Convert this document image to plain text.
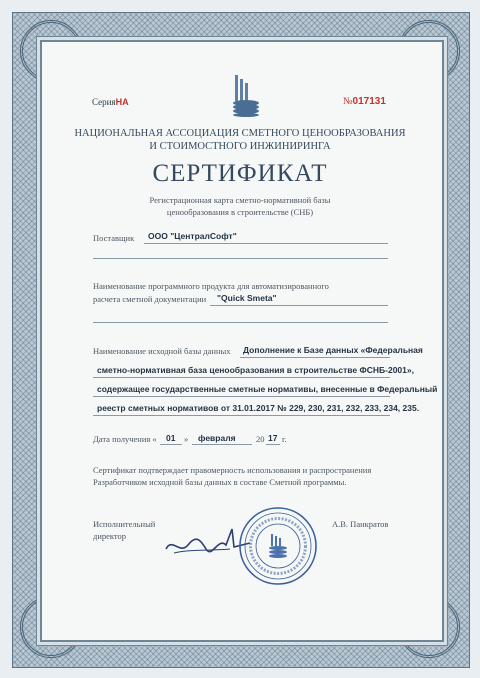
СерияНА	№017131
НАЦИОНАЛЬНАЯ АССОЦИАЦИЯ СМЕТНОГО ЦЕНООБРАЗОВАНИЯ
И СТОИМОСТНОГО ИНЖИНИРИНГА
СЕРТИФИКАТ
Регистрационная карта сметно-нормативной базы
ценообразования в строительстве (СНБ)
Поставщик ООО "ЦентралСофт"
Наименование программного продукта для автоматизированного
расчета сметной документации "Quick Smeta"
Наименование исходной базы данных Дополнение к Базе данных «Федеральная
сметно-нормативная база ценообразования в строительстве ФСНБ-2001»,
содержащее государственные сметные нормативы, внесенные в Федеральный
реестр сметных нормативов от 31.01.2017 № 229, 230, 231, 232, 233, 234, 235.
Дата получения « 01 » февраля 20 17 г.
Сертификат подтверждает правомерность использования и распространения
Разработчиком исходной базы данных в составе Сметной программы.
Исполнительный
директор
А.В. Панкратов
